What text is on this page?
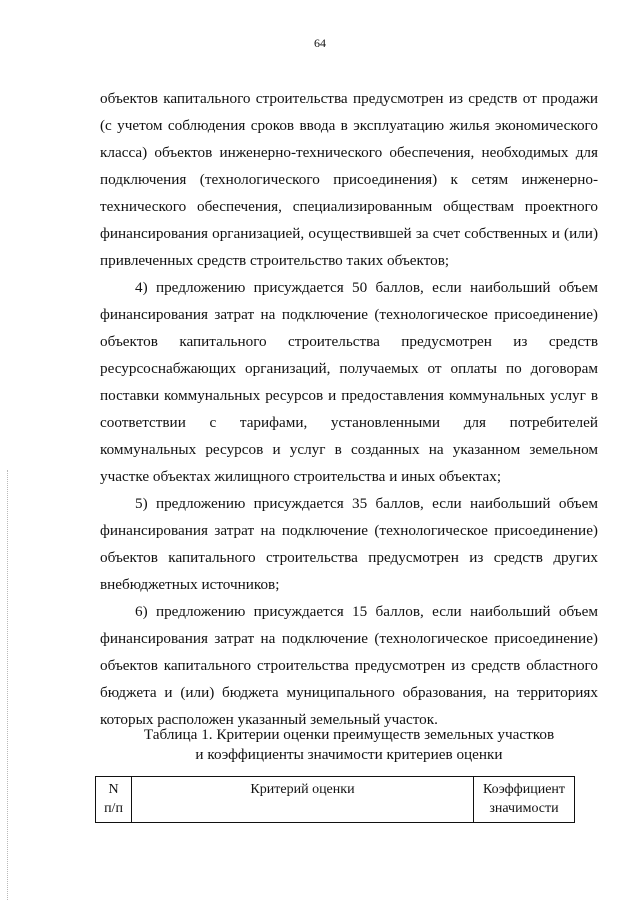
64

объектов капитального строительства предусмотрен из средств от продажи (с учетом соблюдения сроков ввода в эксплуатацию жилья экономического класса) объектов инженерно-технического обеспечения, необходимых для подключения (технологического присоединения) к сетям инженерно-технического обеспечения, специализированным обществам проектного финансирования организацией, осуществившей за счет собственных и (или) привлеченных средств строительство таких объектов;

4) предложению присуждается 50 баллов, если наибольший объем финансирования затрат на подключение (технологическое присоединение) объектов капитального строительства предусмотрен из средств ресурсоснабжающих организаций, получаемых от оплаты по договорам поставки коммунальных ресурсов и предоставления коммунальных услуг в соответствии с тарифами, установленными для потребителей коммунальных ресурсов и услуг в созданных на указанном земельном участке объектах жилищного строительства и иных объектах;

5) предложению присуждается 35 баллов, если наибольший объем финансирования затрат на подключение (технологическое присоединение) объектов капитального строительства предусмотрен из средств других внебюджетных источников;

6) предложению присуждается 15 баллов, если наибольший объем финансирования затрат на подключение (технологическое присоединение) объектов капитального строительства предусмотрен из средств областного бюджета и (или) бюджета муниципального образования, на территориях которых расположен указанный земельный участок.

Таблица 1. Критерии оценки преимуществ земельных участков
и коэффициенты значимости критериев оценки
N
п/п
Критерий оценки	Коэффициент
значимости
